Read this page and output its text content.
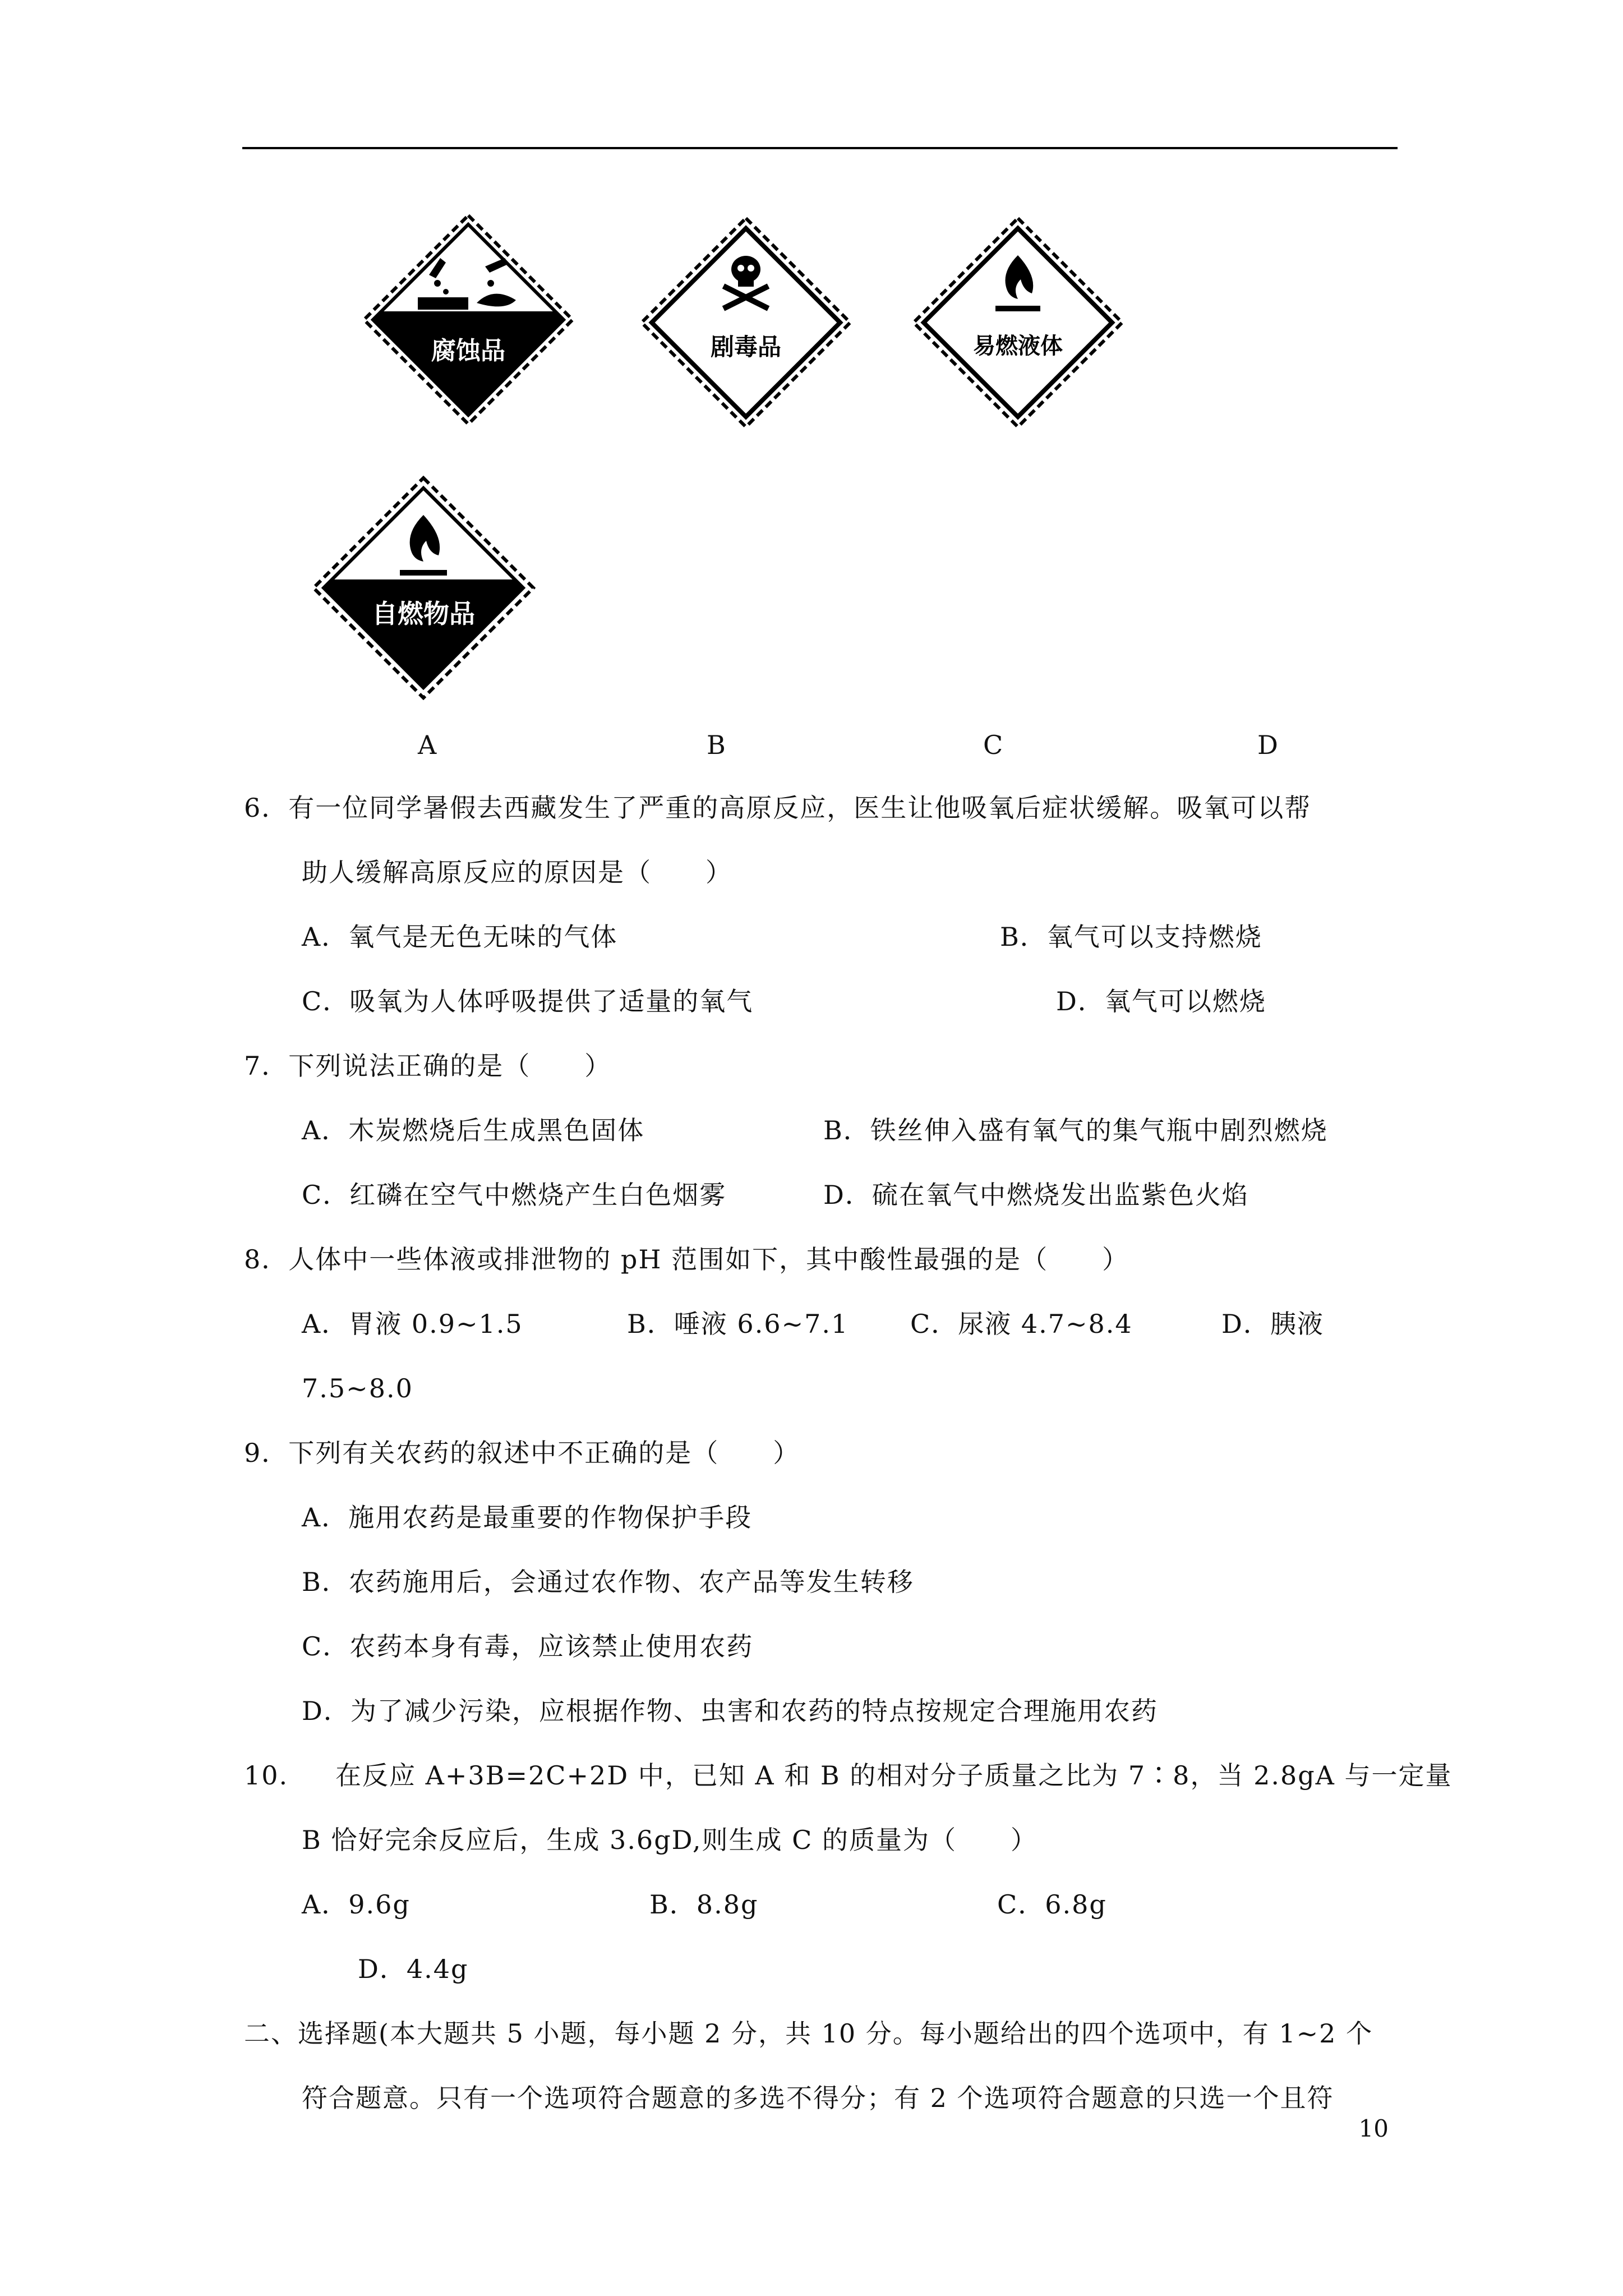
腐蚀品	剧毒品	易燃液体
自燃物品
A	B	C	D
6．有一位同学暑假去西藏发生了严重的高原反应，医生让他吸氧后症状缓解。吸氧可以帮
助人缓解高原反应的原因是（　　）
A．氧气是无色无味的气体	B．氧气可以支持燃烧
C．吸氧为人体呼吸提供了适量的氧气	D．氧气可以燃烧
7．下列说法正确的是（　　）
A．木炭燃烧后生成黑色固体	B．铁丝伸入盛有氧气的集气瓶中剧烈燃烧
C．红磷在空气中燃烧产生白色烟雾	D．硫在氧气中燃烧发出监紫色火焰
8．人体中一些体液或排泄物的 pH 范围如下，其中酸性最强的是（　　）
A．胃液 0.9~1.5	B．唾液 6.6~7.1 C．尿液 4.7~8.4	D．胰液
7.5~8.0
9．下列有关农药的叙述中不正确的是（　　）
A．施用农药是最重要的作物保护手段
B．农药施用后，会通过农作物、农产品等发生转移
C．农药本身有毒，应该禁止使用农药
D．为了减少污染，应根据作物、虫害和农药的特点按规定合理施用农药
10. 在反应 A+3B=2C+2D 中，已知 A 和 B 的相对分子质量之比为 7∶8，当 2.8gA 与一定量
B 恰好完余反应后，生成 3.6gD,则生成 C 的质量为（　　）
A．9.6g	B．8.8g	C．6.8g
D．4.4g
二、选择题(本大题共 5 小题，每小题 2 分，共 10 分。每小题给出的四个选项中，有 1~2 个
符合题意。只有一个选项符合题意的多选不得分；有 2 个选项符合题意的只选一个且符
10
